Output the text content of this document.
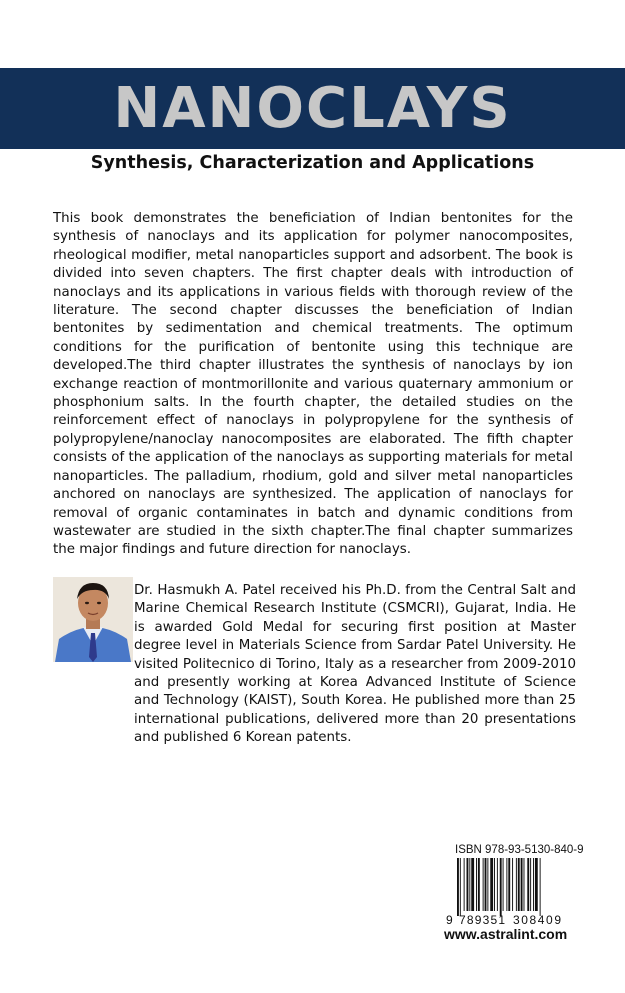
NANOCLAYS
Synthesis, Characterization and Applications

This book demonstrates the beneficiation of Indian bentonites for the synthesis of nanoclays and its application for polymer nanocomposites, rheological modifier, metal nanoparticles support and adsorbent. The book is divided into seven chapters. The first chapter deals with introduction of nanoclays and its applications in various fields with thorough review of the literature. The second chapter discusses the beneficiation of Indian bentonites by sedimentation and chemical treatments. The optimum conditions for the purification of bentonite using this technique are developed.The third chapter illustrates the synthesis of nanoclays by ion exchange reaction of montmorillonite and various quaternary ammonium or phosphonium salts. In the fourth chapter, the detailed studies on the reinforcement effect of nanoclays in polypropylene for the synthesis of polypropylene/nanoclay nanocomposites are elaborated. The fifth chapter consists of the application of the nanoclays as supporting materials for metal nanoparticles. The palladium, rhodium, gold and silver metal nanoparticles anchored on nanoclays are synthesized. The application of nanoclays for removal of organic contaminates in batch and dynamic conditions from wastewater are studied in the sixth chapter.The final chapter summarizes the major findings and future direction for nanoclays.

Dr. Hasmukh A. Patel received his Ph.D. from the Central Salt and Marine Chemical Research Institute (CSMCRI), Gujarat, India. He is awarded Gold Medal for securing first position at Master degree level in Materials Science from Sardar Patel University. He visited Politecnico di Torino, Italy as a researcher from 2009-2010 and presently working at Korea Advanced Institute of Science and Technology (KAIST), South Korea. He published more than 25 international publications, delivered more than 20 presentations and published 6 Korean patents.

ISBN 978-93-5130-840-9
9 789351 308409
www.astralint.com
